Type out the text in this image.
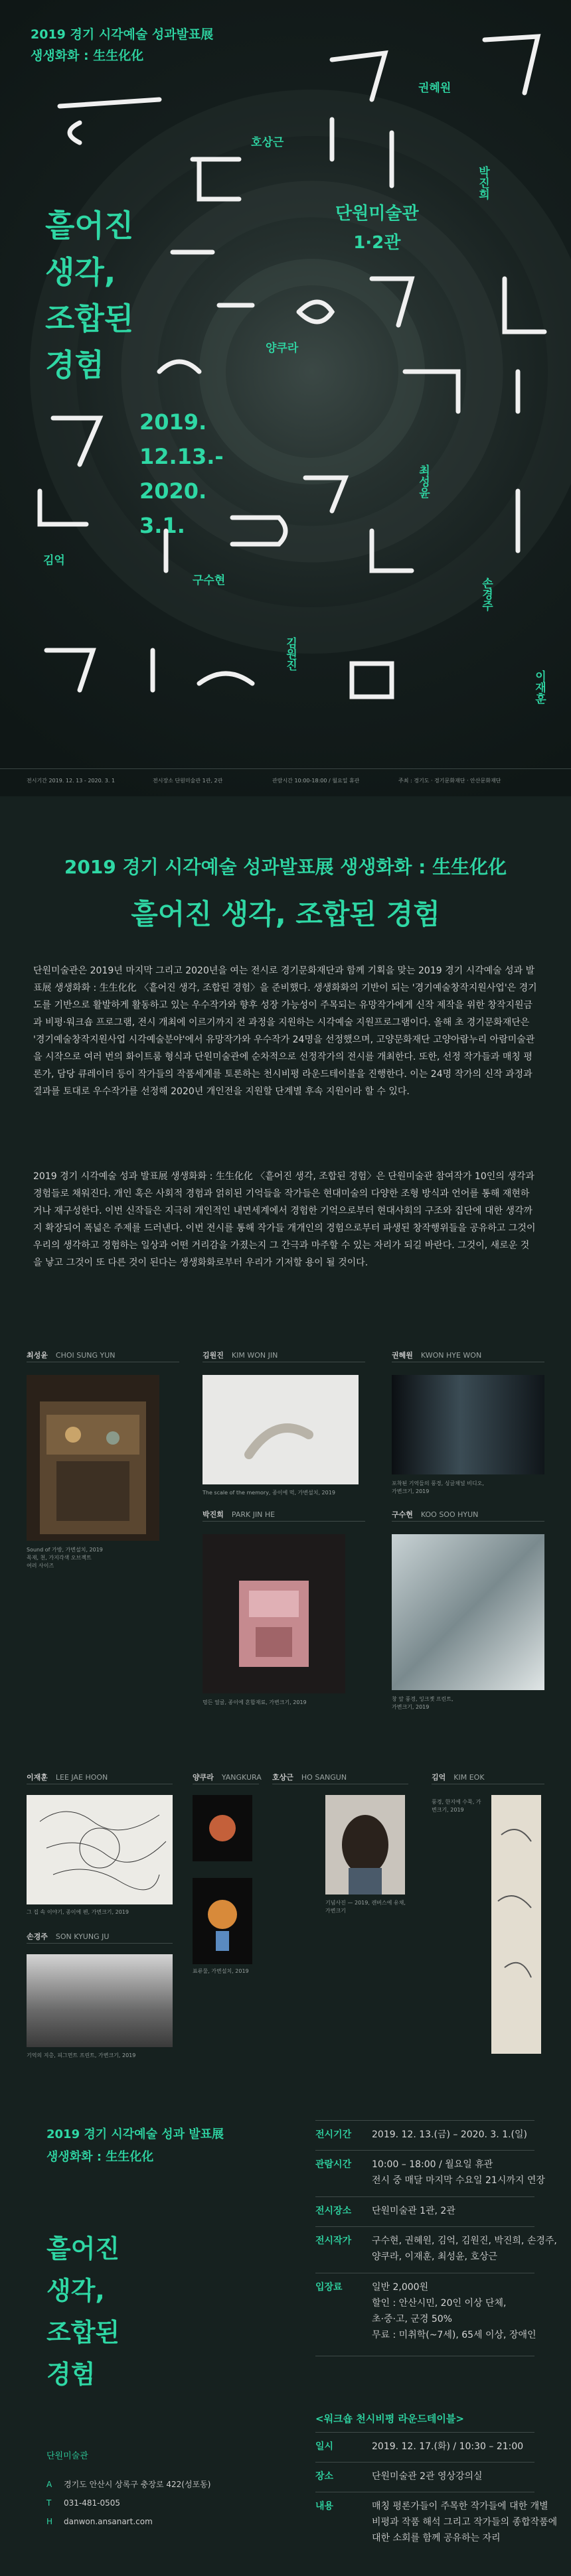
2019 경기 시각예술 성과발표展
생생화화 : 生生化化
흩어진
생각,
조합된
경험
단원미술관
1·2관
2019.
12.13.-
2020.
3.1.
권혜원
박진희
호상근
양쿠라
최성윤
김억
구수현
김원진
손경주
이재훈
전시기간 2019. 12. 13 - 2020. 3. 1	전시장소 단원미술관 1관, 2관	관람시간 10:00-18:00 / 월요일 휴관	주최 : 경기도 · 경기문화재단 · 안산문화재단
2019 경기 시각예술 성과발표展 생생화화 : 生生化化
흩어진 생각, 조합된 경험
단원미술관은 2019년 마지막 그리고 2020년을 여는 전시로 경기문화재단과 함께 기획을 맞는 2019 경기 시각예술 성과 발표展 생생화화 : 生生化化 〈흩어진 생각, 조합된 경험〉을 준비했다. 생생화화의 기반이 되는 '경기예술창작지원사업'은 경기도를 기반으로 활발하게 활동하고 있는 우수작가와 향후 성장 가능성이 주목되는 유망작가에게 신작 제작을 위한 창작지원금과 비평·워크숍 프로그램, 전시 개최에 이르기까지 전 과정을 지원하는 시각예술 지원프로그램이다. 올해 초 경기문화재단은 '경기예술창작지원사업 시각예술분야'에서 유망작가와 우수작가 24명을 선정했으며, 고양문화재단 고양아람누리 아람미술관을 시작으로 여러 번의 화이트룸 형식과 단원미술관에 순차적으로 선정작가의 전시를 개최한다. 또한, 선정 작가들과 매칭 평론가, 담당 큐레이터 등이 작가들의 작품세계를 토론하는 천시비평 라운드테이블을 진행한다. 이는 24명 작가의 신작 과정과 결과를 토대로 우수작가를 선정해 2020년 개인전을 지원할 단계별 후속 지원이라 할 수 있다.
2019 경기 시각예술 성과 발표展 생생화화 : 生生化化 〈흩어진 생각, 조합된 경험〉은 단원미술관 참여작가 10인의 생각과 경험들로 채워진다. 개인 혹은 사회적 경험과 얽히된 기억들을 작가들은 현대미술의 다양한 조형 방식과 언어를 통해 재현하거나 재구성한다. 이번 신작들은 지극히 개인적인 내면세계에서 경험한 기억으로부터 현대사회의 구조와 집단에 대한 생각까지 확장되어 폭넓은 주제를 드러낸다. 이번 전시를 통해 작가들 개개인의 경험으로부터 파생된 창작행위들을 공유하고 그것이 우리의 생각하고 경험하는 일상과 어떤 거리감을 가졌는지 그 간극과 마주할 수 있는 자리가 되길 바란다. 그것이, 새로운 것을 낳고 그것이 또 다른 것이 된다는 생생화화로부터 우리가 기저할 용이 될 것이다.
최성윤 CHOI SUNG YUN
Sound of 가방, 가변설치, 2019
목재, 천, 가지각색 오브젝트
여러 사이즈
김원진 KIM WON JIN
The scale of the memory, 종이에 먹, 가변설치, 2019
권혜원 KWON HYE WON
포착된 기억들의 풍경, 싱글채널 비디오,
가변크기, 2019
박진희 PARK JIN HE
멍든 얼굴, 종이에 혼합재료, 가변크기, 2019
구수현 KOO SOO HYUN
창 앞 풍경, 잉크젯 프린트,
가변크기, 2019
이재훈 LEE JAE HOON
그 집 속 이야기, 종이에 펜, 가변크기, 2019
양쿠라 YANGKURA
표류물, 가변설치, 2019
호상근 HO SANGUN
기념사진 — 2019, 캔버스에 유채,
가변크기
김억 KIM EOK
풍경, 한지에 수묵, 가변크기, 2019
손경주 SON KYUNG JU
기억의 지층, 피그먼트 프린트, 가변크기, 2019
2019 경기 시각예술 성과 발표展
생생화화 : 生生化化
흩어진
생각,
조합된
경험
단원미술관
A 경기도 안산시 상록구 충장로 422(성포동)
T 031-481-0505
H danwon.ansanart.com
전시기간	2019. 12. 13.(금) – 2020. 3. 1.(일)
관람시간	10:00 – 18:00 / 월요일 휴관
전시 중 매달 마지막 수요일 21시까지 연장
전시장소	단원미술관 1관, 2관
전시작가	구수현, 권혜원, 김억, 김원진, 박진희, 손경주,
양쿠라, 이재훈, 최성윤, 호상근
입장료	일반 2,000원
할인 : 안산시민, 20인 이상 단체,
초·중·고, 군경 50%
무료 : 미취학(~7세), 65세 이상, 장애인
<워크숍 천시비평 라운드테이블>
일시	2019. 12. 17.(화) / 10:30 – 21:00
장소	단원미술관 2관 영상강의실
내용	매칭 평론가들이 주목한 작가들에 대한 개별
비평과 작품 해석 그리고 작가들의 종합작품에
대한 소회를 함께 공유하는 자리
